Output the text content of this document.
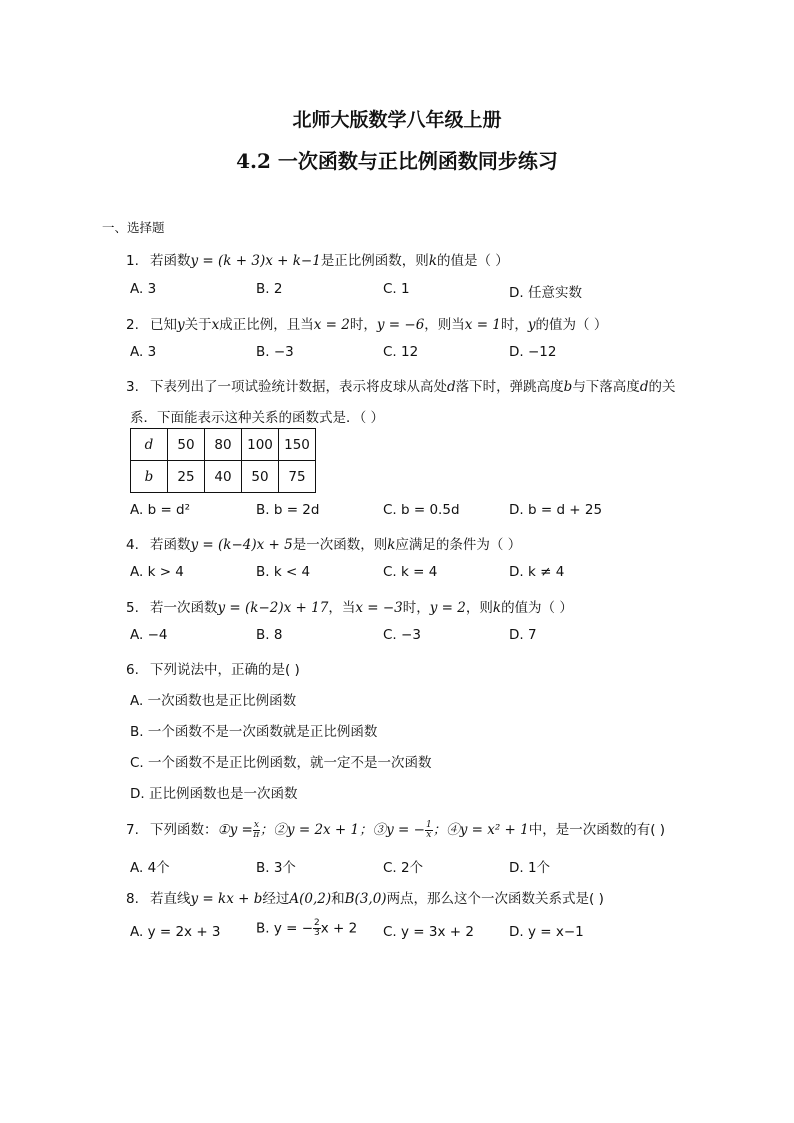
北师大版数学八年级上册
4.2 一次函数与正比例函数同步练习
一、选择题
1. 若函数y = (k + 3)x + k−1是正比例函数，则k的值是（ ）
A. 3	B. 2	C. 1	D. 任意实数
2. 已知y关于x成正比例，且当x = 2时，y = −6，则当x = 1时，y的值为（ ）
A. 3	B. −3	C. 12	D. −12
3. 下表列出了一项试验统计数据，表示将皮球从高处d落下时，弹跳高度b与下落高度d的关
系．下面能表示这种关系的函数式是．（ ）
d	50	80	100	150
b	25	40	50	75
A. b = d²	B. b = 2d	C. b = 0.5d	D. b = d + 25
4. 若函数y = (k−4)x + 5是一次函数，则k应满足的条件为（ ）
A. k > 4	B. k < 4	C. k = 4	D. k ≠ 4
5. 若一次函数y = (k−2)x + 17，当x = −3时，y = 2，则k的值为（ ）
A. −4	B. 8	C. −3	D. 7
6. 下列说法中，正确的是( )
A. 一次函数也是正比例函数
B. 一个函数不是一次函数就是正比例函数
C. 一个函数不是正比例函数，就一定不是一次函数
D. 正比例函数也是一次函数
7. 下列函数：①y = $\frac{x}{\pi}$ ；②y = 2x + 1；③y = − $\frac{1}{x}$ ；④y = x² + 1中，是一次函数的有( )
A. 4个	B. 3个	C. 2个	D. 1个
8. 若直线y = kx + b经过A(0,2)和B(3,0)两点，那么这个一次函数关系式是( )
A. y = 2x + 3	B. y = − $\frac{2}{3}$ x + 2 C. y = 3x + 2	D. y = x−1
